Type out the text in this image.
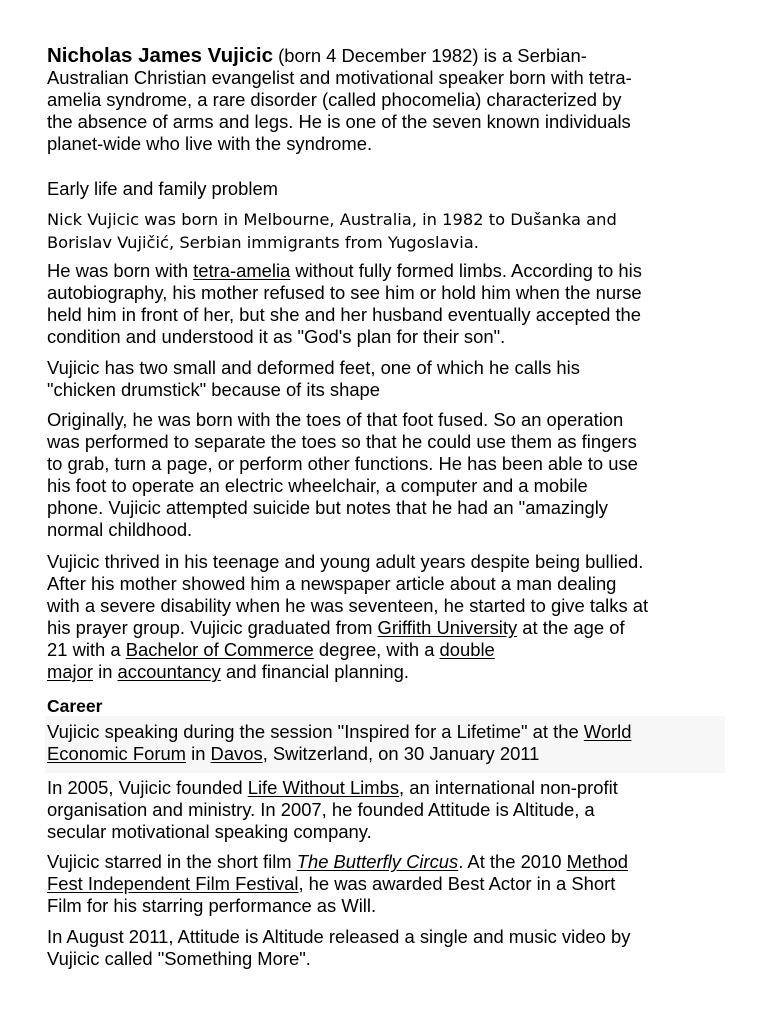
Nicholas James Vujicic (born 4 December 1982) is a Serbian-
Australian Christian evangelist and motivational speaker born with tetra-
amelia syndrome, a rare disorder (called phocomelia) characterized by
the absence of arms and legs. He is one of the seven known individuals
planet-wide who live with the syndrome.

Early life and family problem

Nick Vujicic was born in Melbourne, Australia, in 1982 to Dušanka and
Borislav Vujičić, Serbian immigrants from Yugoslavia.

He was born with tetra-amelia without fully formed limbs. According to his
autobiography, his mother refused to see him or hold him when the nurse
held him in front of her, but she and her husband eventually accepted the
condition and understood it as "God's plan for their son".

Vujicic has two small and deformed feet, one of which he calls his
"chicken drumstick" because of its shape

Originally, he was born with the toes of that foot fused. So an operation
was performed to separate the toes so that he could use them as fingers
to grab, turn a page, or perform other functions. He has been able to use
his foot to operate an electric wheelchair, a computer and a mobile
phone. Vujicic attempted suicide but notes that he had an "amazingly
normal childhood.

Vujicic thrived in his teenage and young adult years despite being bullied.
After his mother showed him a newspaper article about a man dealing
with a severe disability when he was seventeen, he started to give talks at
his prayer group. Vujicic graduated from Griffith University at the age of
21 with a Bachelor of Commerce degree, with a double
major in accountancy and financial planning.

Career

Vujicic speaking during the session "Inspired for a Lifetime" at the World
Economic Forum in Davos, Switzerland, on 30 January 2011

In 2005, Vujicic founded Life Without Limbs, an international non-profit
organisation and ministry. In 2007, he founded Attitude is Altitude, a
secular motivational speaking company.

Vujicic starred in the short film The Butterfly Circus. At the 2010 Method
Fest Independent Film Festival, he was awarded Best Actor in a Short
Film for his starring performance as Will.

In August 2011, Attitude is Altitude released a single and music video by
Vujicic called "Something More".
